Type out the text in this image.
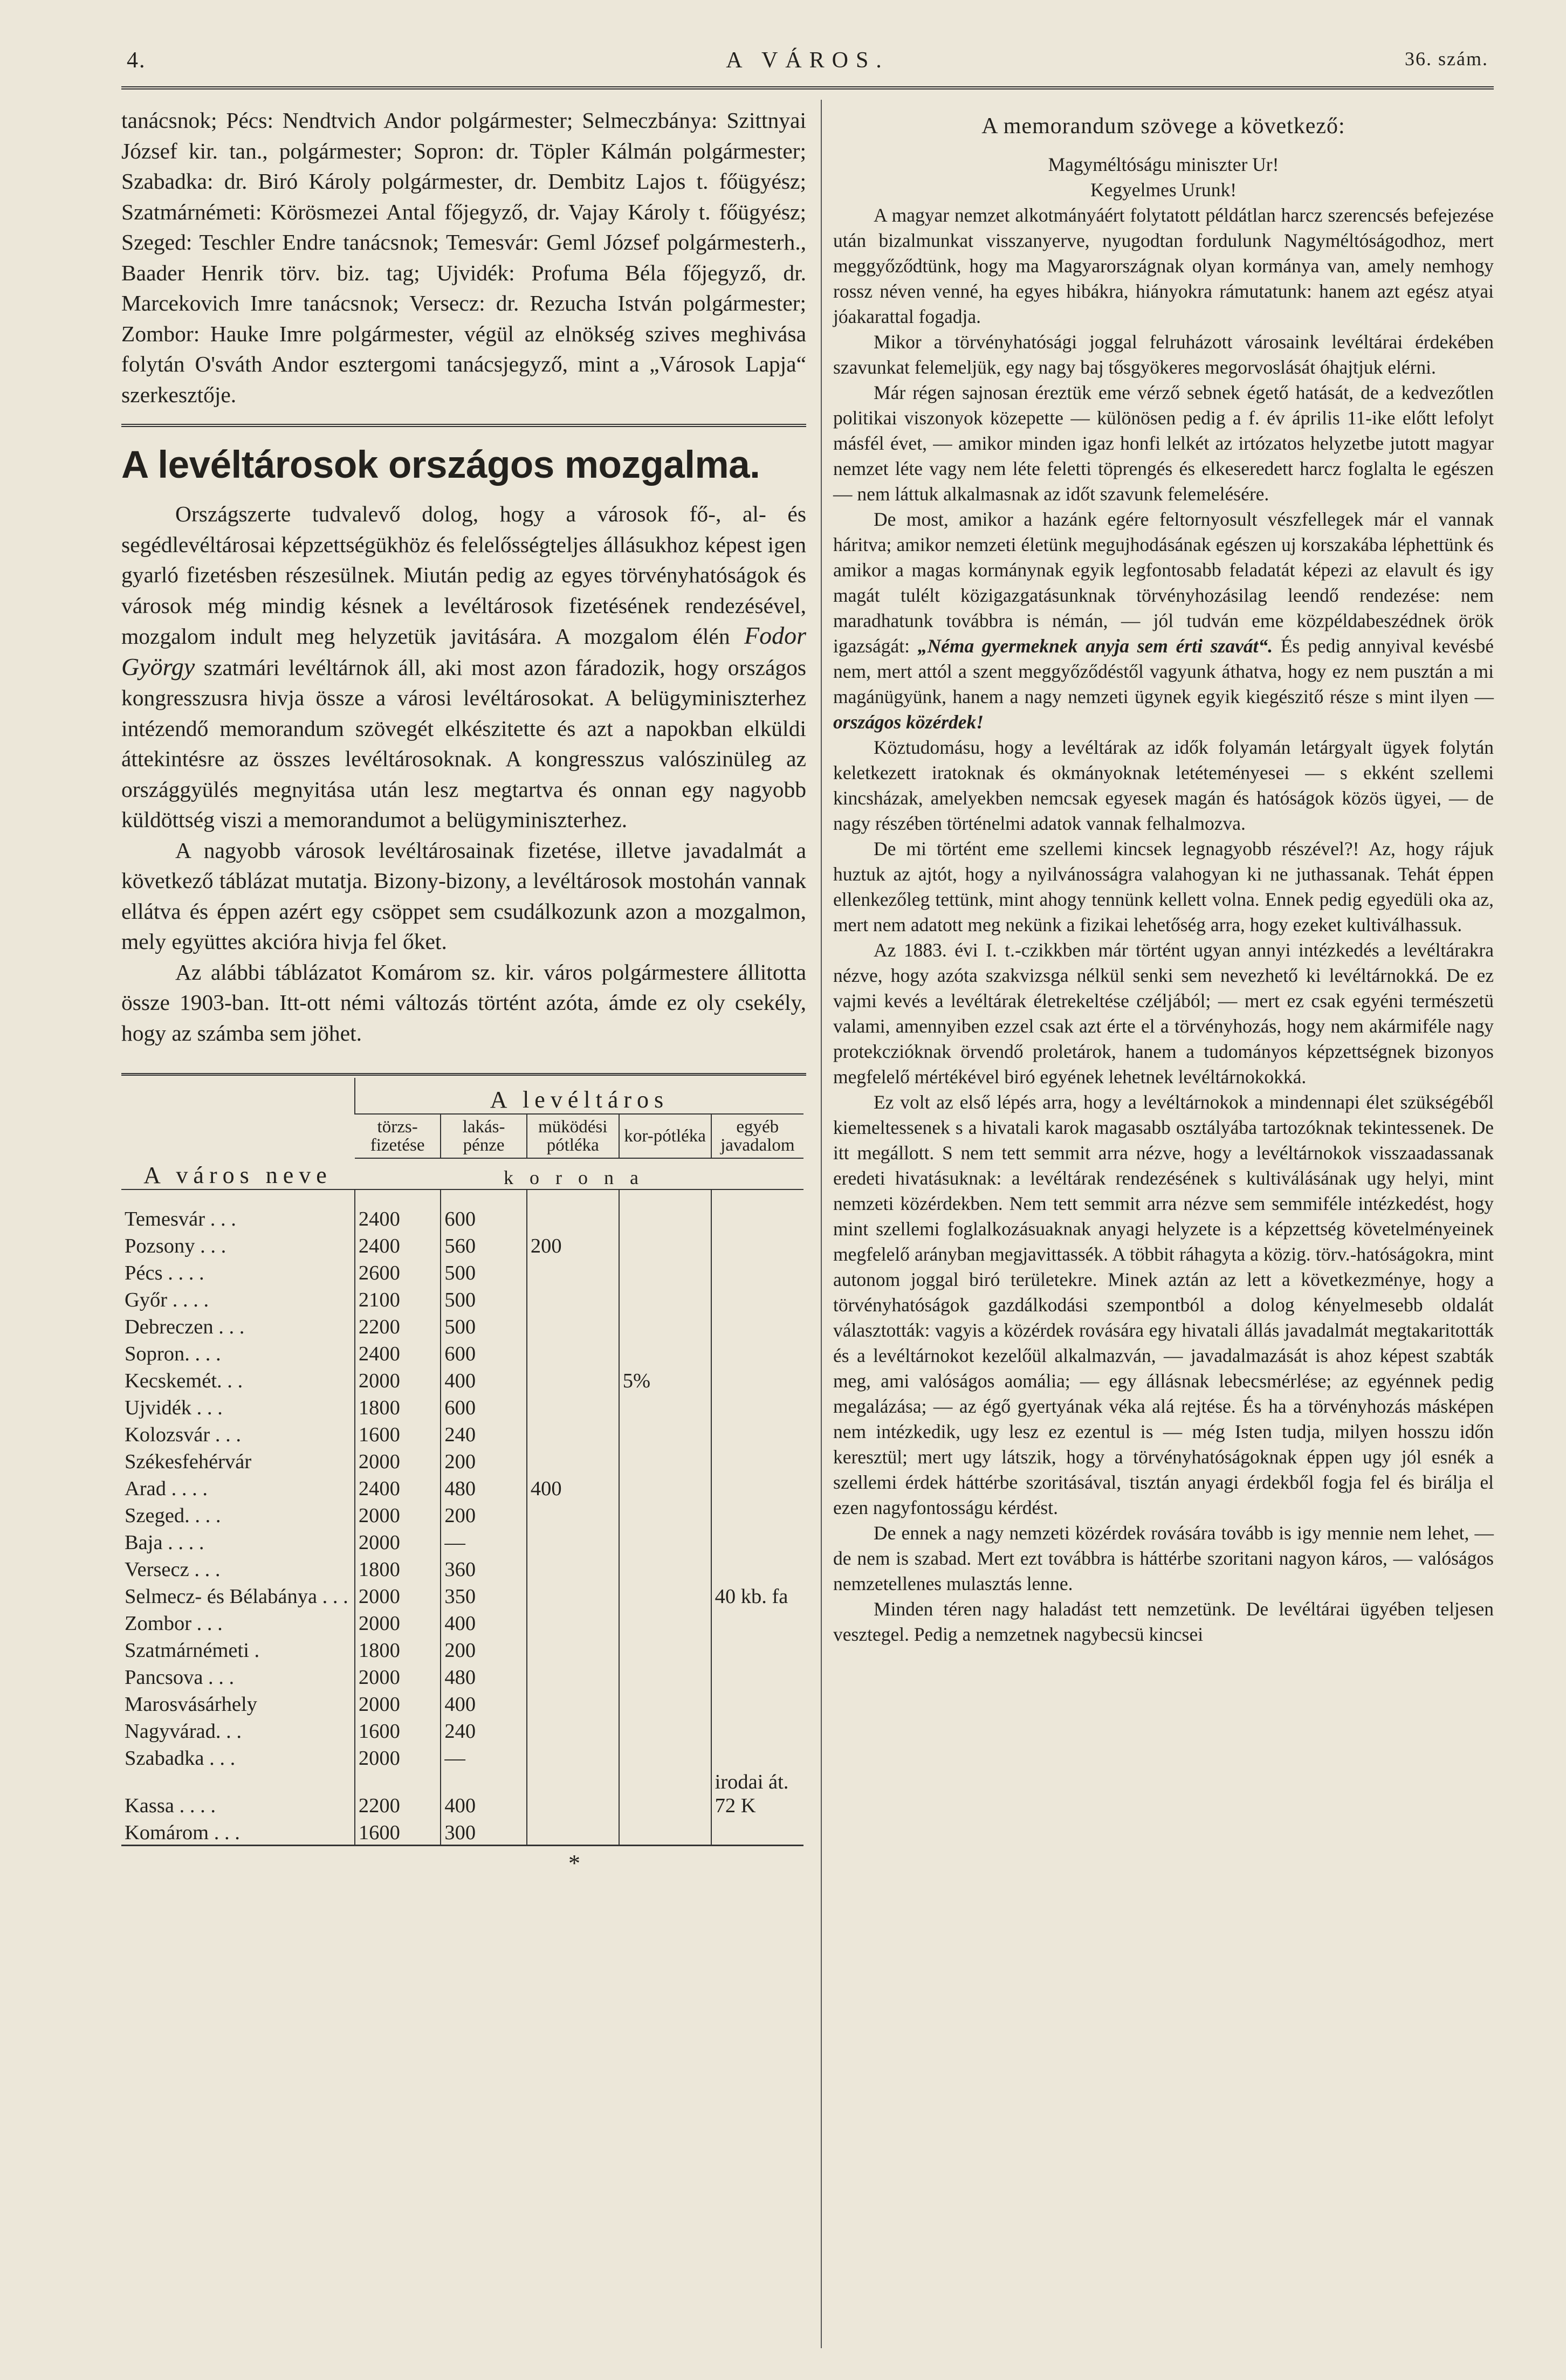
4.	A VÁROS.	36. szám.
tanácsnok; Pécs: Nendtvich Andor polgármester; Selmeczbánya: Szittnyai József kir. tan., polgármester; Sopron: dr. Töpler Kálmán polgármester; Szabadka: dr. Biró Károly polgármester, dr. Dembitz Lajos t. főügyész; Szatmárnémeti: Körösmezei Antal főjegyző, dr. Vajay Károly t. főügyész; Szeged: Teschler Endre tanácsnok; Temesvár: Geml József polgármesterh., Baader Henrik törv. biz. tag; Ujvidék: Profuma Béla főjegyző, dr. Marcekovich Imre tanácsnok; Versecz: dr. Rezucha István polgármester; Zombor: Hauke Imre polgármester, végül az elnökség szives meghivása folytán O'sváth Andor esztergomi tanácsjegyző, mint a „Városok Lapja“ szerkesztője.
A levéltárosok országos mozgalma.

Országszerte tudvalevő dolog, hogy a városok fő-, al- és segédlevéltárosai képzettségükhöz és felelősségteljes állásukhoz képest igen gyarló fizetésben részesülnek. Miután pedig az egyes törvényhatóságok és városok még mindig késnek a levéltárosok fizetésének rendezésével, mozgalom indult meg helyzetük javitására. A mozgalom élén Fodor György szatmári levéltárnok áll, aki most azon fáradozik, hogy országos kongresszusra hivja össze a városi levéltárosokat. A belügyminiszterhez intézendő memorandum szövegét elkészitette és azt a napokban elküldi áttekintésre az összes levéltárosoknak. A kongresszus valószinüleg az országgyülés megnyitása után lesz megtartva és onnan egy nagyobb küldöttség viszi a memorandumot a belügyminiszterhez.

A nagyobb városok levéltárosainak fizetése, illetve javadalmát a következő táblázat mutatja. Bizony-bizony, a levéltárosok mostohán vannak ellátva és éppen azért egy csöppet sem csudálkozunk azon a mozgalmon, mely együttes akcióra hivja fel őket.

Az alábbi táblázatot Komárom sz. kir. város polgármestere állitotta össze 1903-ban. Itt-ott némi változás történt azóta, ámde ez oly csekély, hogy az számba sem jöhet.

A város neve	A levéltáros				
	törzs-fizetése	lakás-pénze	müködési pótléka	kor-pótléka	egyéb javadalom
	korona				
Temesvár . . .	2400	600			
Pozsony . . .	2400	560	200		
Pécs . . . .	2600	500			
Győr . . . .	2100	500			
Debreczen . . .	2200	500			
Sopron. . . .	2400	600			
Kecskemét. . .	2000	400		5%	
Ujvidék . . .	1800	600			
Kolozsvár . . .	1600	240			
Székesfehérvár	2000	200			
Arad . . . .	2400	480	400		
Szeged. . . .	2000	200			
Baja . . . .	2000	—			
Versecz . . .	1800	360			
Selmecz- és Bélabánya . . .	2000	350			40 kb. fa
Zombor . . .	2000	400			
Szatmárnémeti .	1800	200			
Pancsova . . .	2000	480			
Marosvásárhely	2000	400			
Nagyvárad. . .	1600	240			
Szabadka . . .	2000	—			
Kassa . . . .	2200	400			irodai át. 72 K
Komárom . . .	1600	300			
*
A memorandum szövege a következő:

Magyméltóságu miniszter Ur!

Kegyelmes Urunk!

A magyar nemzet alkotmányáért folytatott példátlan harcz szerencsés befejezése után bizalmunkat visszanyerve, nyugodtan fordulunk Nagyméltóságodhoz, mert meggyőződtünk, hogy ma Magyarországnak olyan kormánya van, amely nemhogy rossz néven venné, ha egyes hibákra, hiányokra rámutatunk: hanem azt egész atyai jóakarattal fogadja.

Mikor a törvényhatósági joggal felruházott városaink levéltárai érdekében szavunkat felemeljük, egy nagy baj tősgyökeres megorvoslását óhajtjuk elérni.

Már régen sajnosan éreztük eme vérző sebnek égető hatását, de a kedvezőtlen politikai viszonyok közepette — különösen pedig a f. év április 11-ike előtt lefolyt másfél évet, — amikor minden igaz honfi lelkét az irtózatos helyzetbe jutott magyar nemzet léte vagy nem léte feletti töprengés és elkeseredett harcz foglalta le egészen — nem láttuk alkalmasnak az időt szavunk felemelésére.

De most, amikor a hazánk egére feltornyosult vészfellegek már el vannak háritva; amikor nemzeti életünk megujhodásának egészen uj korszakába léphettünk és amikor a magas kormánynak egyik legfontosabb feladatát képezi az elavult és igy magát tulélt közigazgatásunknak törvényhozásilag leendő rendezése: nem maradhatunk továbbra is némán, — jól tudván eme közpéldabeszédnek örök igazságát: „Néma gyermeknek anyja sem érti szavát“. És pedig annyival kevésbé nem, mert attól a szent meggyőződéstől vagyunk áthatva, hogy ez nem pusztán a mi magánügyünk, hanem a nagy nemzeti ügynek egyik kiegészitő része s mint ilyen — országos közérdek!

Köztudomásu, hogy a levéltárak az idők folyamán letárgyalt ügyek folytán keletkezett iratoknak és okmányoknak letéteményesei — s ekként szellemi kincsházak, amelyekben nemcsak egyesek magán és hatóságok közös ügyei, — de nagy részében történelmi adatok vannak felhalmozva.

De mi történt eme szellemi kincsek legnagyobb részével?! Az, hogy rájuk huztuk az ajtót, hogy a nyilvánosságra valahogyan ki ne juthassanak. Tehát éppen ellenkezőleg tettünk, mint ahogy tennünk kellett volna. Ennek pedig egyedüli oka az, mert nem adatott meg nekünk a fizikai lehetőség arra, hogy ezeket kultiválhassuk.

Az 1883. évi I. t.-czikkben már történt ugyan annyi intézkedés a levéltárakra nézve, hogy azóta szakvizsga nélkül senki sem nevezhető ki levéltárnokká. De ez vajmi kevés a levéltárak életrekeltése czéljából; — mert ez csak egyéni természetü valami, amennyiben ezzel csak azt érte el a törvényhozás, hogy nem akármiféle nagy protekczióknak örvendő proletárok, hanem a tudományos képzettségnek bizonyos megfelelő mértékével biró egyének lehetnek levéltárnokokká.

Ez volt az első lépés arra, hogy a levéltárnokok a mindennapi élet szükségéből kiemeltessenek s a hivatali karok magasabb osztályába tartozóknak tekintessenek. De itt megállott. S nem tett semmit arra nézve, hogy a levéltárnokok visszaadassanak eredeti hivatásuknak: a levéltárak rendezésének s kultiválásának ugy helyi, mint nemzeti közérdekben. Nem tett semmit arra nézve sem semmiféle intézkedést, hogy mint szellemi foglalkozásuaknak anyagi helyzete is a képzettség követelményeinek megfelelő arányban megjavittassék. A többit ráhagyta a közig. törv.-hatóságokra, mint autonom joggal biró területekre. Minek aztán az lett a következménye, hogy a törvényhatóságok gazdálkodási szempontból a dolog kényelmesebb oldalát választották: vagyis a közérdek rovására egy hivatali állás javadalmát megtakaritották és a levéltárnokot kezelőül alkalmazván, — javadalmazását is ahoz képest szabták meg, ami valóságos aomália; — egy állásnak lebecsmérlése; az egyénnek pedig megalázása; — az égő gyertyának véka alá rejtése. És ha a törvényhozás másképen nem intézkedik, ugy lesz ez ezentul is — még Isten tudja, milyen hosszu időn keresztül; mert ugy látszik, hogy a törvényhatóságoknak éppen ugy jól esnék a szellemi érdek háttérbe szoritásával, tisztán anyagi érdekből fogja fel és birálja el ezen nagyfontosságu kérdést.

De ennek a nagy nemzeti közérdek rovására tovább is igy mennie nem lehet, — de nem is szabad. Mert ezt továbbra is háttérbe szoritani nagyon káros, — valóságos nemzetellenes mulasztás lenne.

Minden téren nagy haladást tett nemzetünk. De levéltárai ügyében teljesen vesztegel. Pedig a nemzetnek nagybecsü kincsei
